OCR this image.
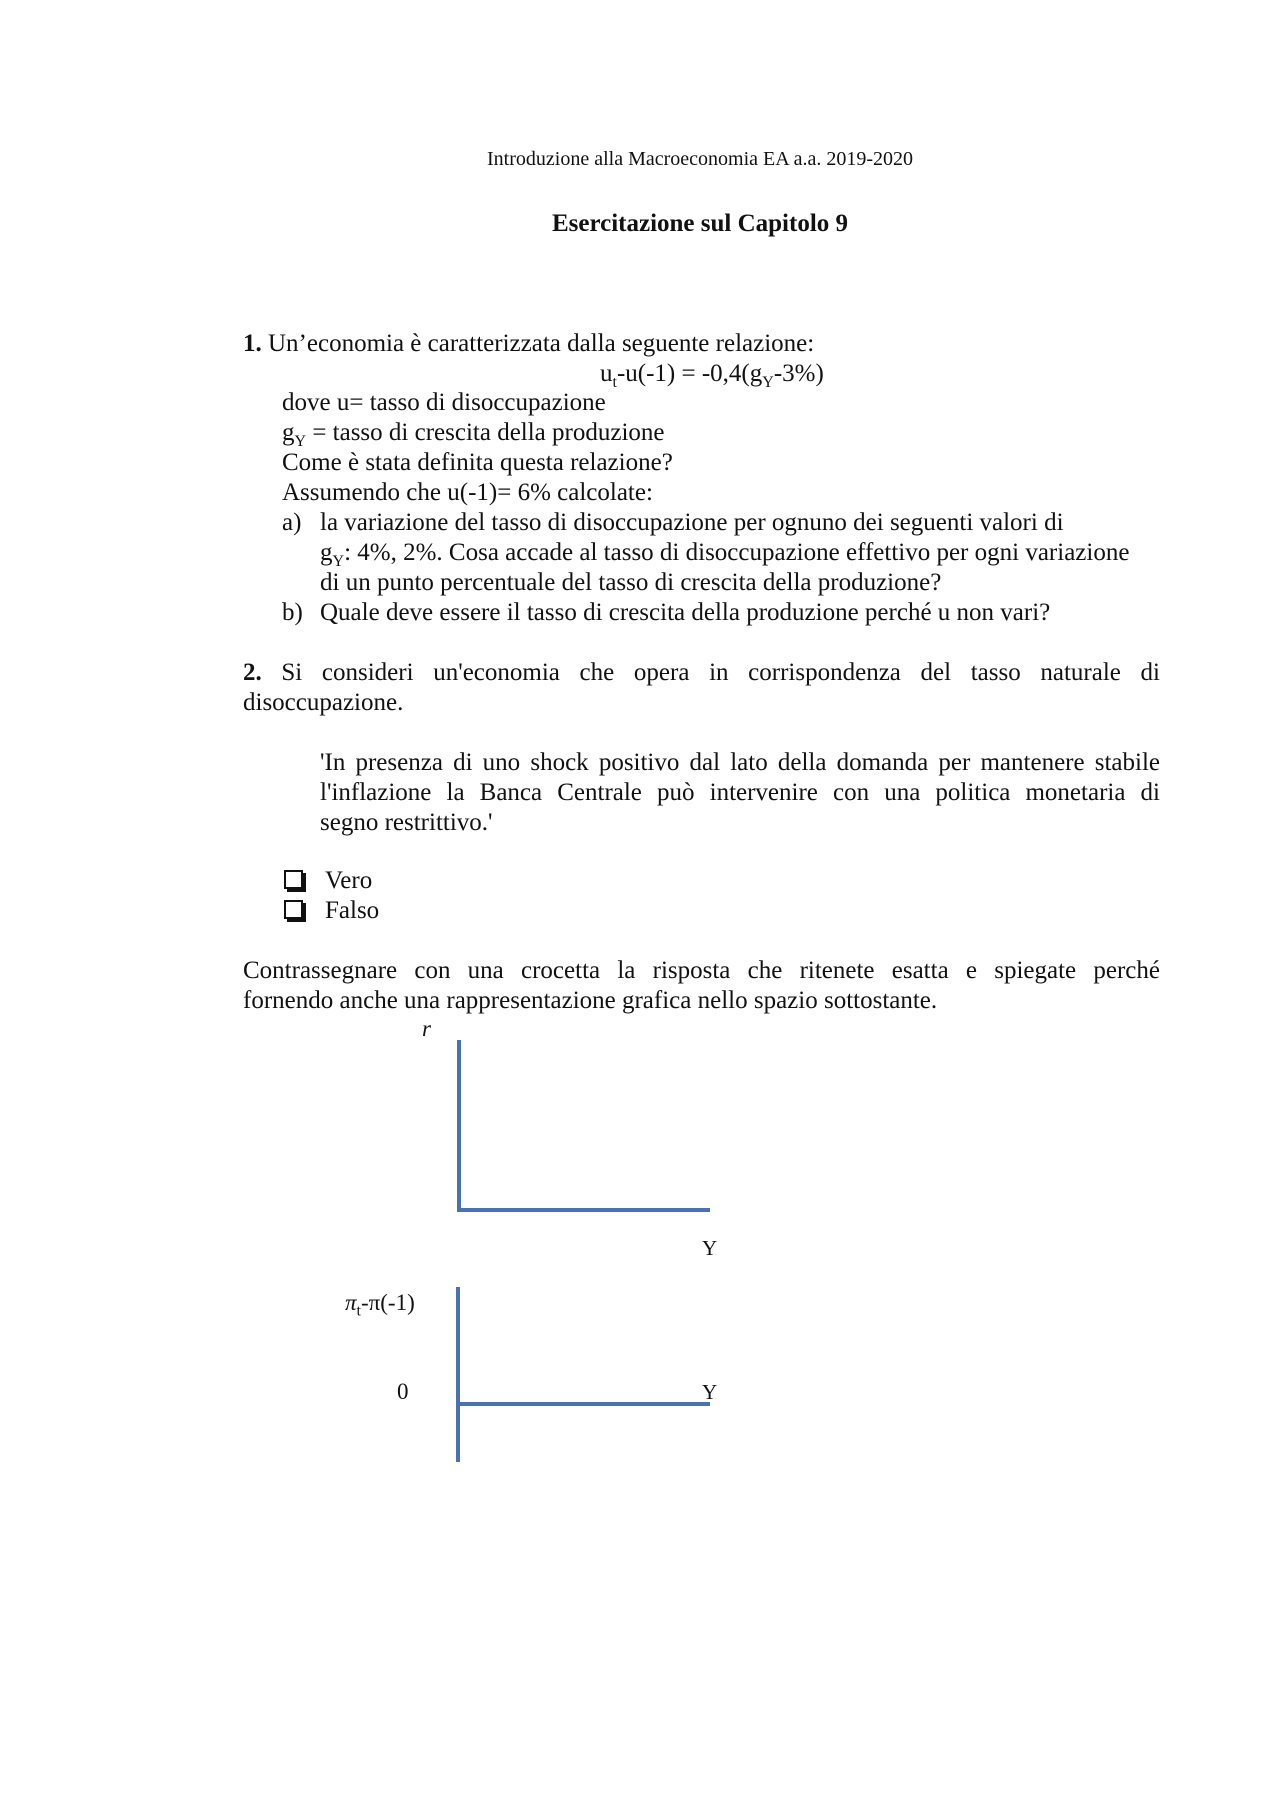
Introduzione alla Macroeconomia EA a.a. 2019-2020
Esercitazione sul Capitolo 9
1. Un’economia è caratterizzata dalla seguente relazione:
$u_t-u(-1) = -0,4(g_Y-3\%)$
dove u= tasso di disoccupazione
$g_Y$ = tasso di crescita della produzione
Come è stata definita questa relazione?
Assumendo che u(-1)= 6% calcolate:
a) la variazione del tasso di disoccupazione per ognuno dei seguenti valori di
$g_Y$: 4%, 2%. Cosa accade al tasso di disoccupazione effettivo per ogni variazione
di un punto percentuale del tasso di crescita della produzione?
b) Quale deve essere il tasso di crescita della produzione perché u non vari?
2. Si consideri un'economia che opera in corrispondenza del tasso naturale di
disoccupazione.
'In presenza di uno shock positivo dal lato della domanda per mantenere stabile
l'inflazione la Banca Centrale può intervenire con una politica monetaria di
segno restrittivo.'
Vero
Falso
Contrassegnare con una crocetta la risposta che ritenete esatta e spiegate perché
fornendo anche una rappresentazione grafica nello spazio sottostante.
r
Y
$\pi_t-\pi(-1)$
0	Y
